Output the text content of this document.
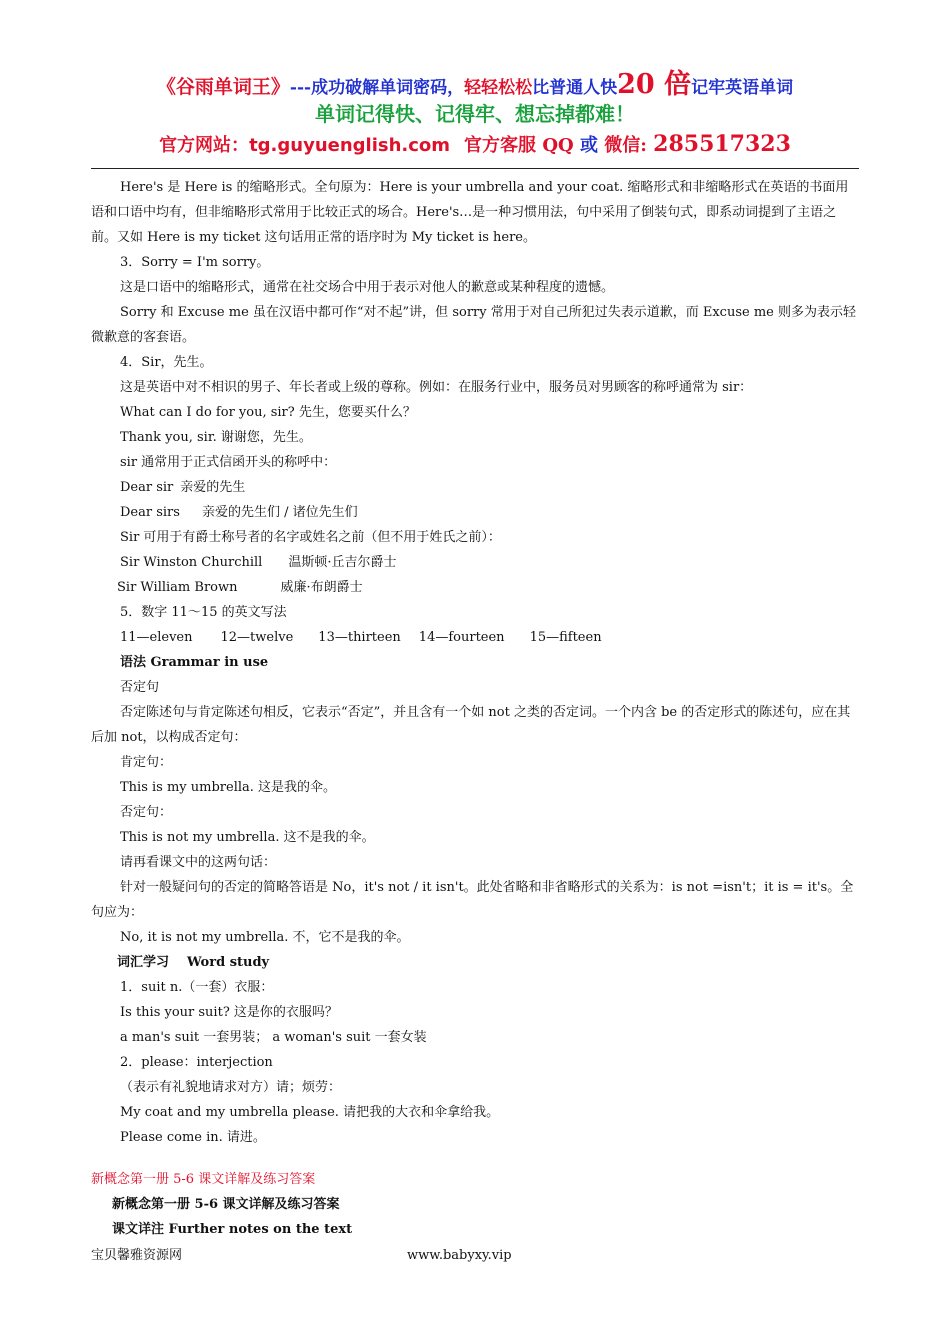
《谷雨单词王》---成功破解单词密码，轻轻松松比普通人快20 倍记牢英语单词
单词记得快、记得牢、想忘掉都难！
官方网站：tg.guyuenglish.com 官方客服 QQ 或 微信: 285517323

Here's 是 Here is 的缩略形式。全句原为：Here is your umbrella and your coat. 缩略形式和非缩略形式在英语的书面用语和口语中均有，但非缩略形式常用于比较正式的场合。Here's…是一种习惯用法，句中采用了倒装句式，即系动词提到了主语之前。又如 Here is my ticket 这句话用正常的语序时为 My ticket is here。

3．Sorry = I'm sorry。

这是口语中的缩略形式，通常在社交场合中用于表示对他人的歉意或某种程度的遗憾。

Sorry 和 Excuse me 虽在汉语中都可作“对不起”讲，但 sorry 常用于对自己所犯过失表示道歉，而 Excuse me 则多为表示轻微歉意的客套语。

4．Sir，先生。

这是英语中对不相识的男子、年长者或上级的尊称。例如：在服务行业中，服务员对男顾客的称呼通常为 sir：

What can I do for you, sir? 先生，您要买什么？

Thank you, sir. 谢谢您，先生。

sir 通常用于正式信函开头的称呼中：

Dear sir 亲爱的先生

Dear sirs 亲爱的先生们 / 诸位先生们

Sir 可用于有爵士称号者的名字或姓名之前（但不用于姓氏之前）：

Sir Winston Churchill 温斯顿·丘吉尔爵士

Sir William Brown	威廉·布朗爵士

5．数字 11～15 的英文写法

11—eleven 12—twelve 13—thirteen 14—fourteen 15—fifteen

语法 Grammar in use

否定句

否定陈述句与肯定陈述句相反，它表示“否定”，并且含有一个如 not 之类的否定词。一个内含 be 的否定形式的陈述句，应在其后加 not，以构成否定句：

肯定句：

This is my umbrella. 这是我的伞。

否定句：

This is not my umbrella. 这不是我的伞。

请再看课文中的这两句话：

针对一般疑问句的否定的简略答语是 No，it's not / it isn't。此处省略和非省略形式的关系为：is not =isn't；it is = it's。全句应为：

No, it is not my umbrella. 不，它不是我的伞。

词汇学习 Word study

1．suit n.（一套）衣服：

Is this your suit? 这是你的衣服吗？

a man's suit 一套男装； a woman's suit 一套女装

2．please：interjection

（表示有礼貌地请求对方）请；烦劳：

My coat and my umbrella please. 请把我的大衣和伞拿给我。

Please come in. 请进。

新概念第一册 5-6 课文详解及练习答案

新概念第一册 5-6 课文详解及练习答案

课文详注 Further notes on the text

宝贝馨雅资源网	www.babyxy.vip
